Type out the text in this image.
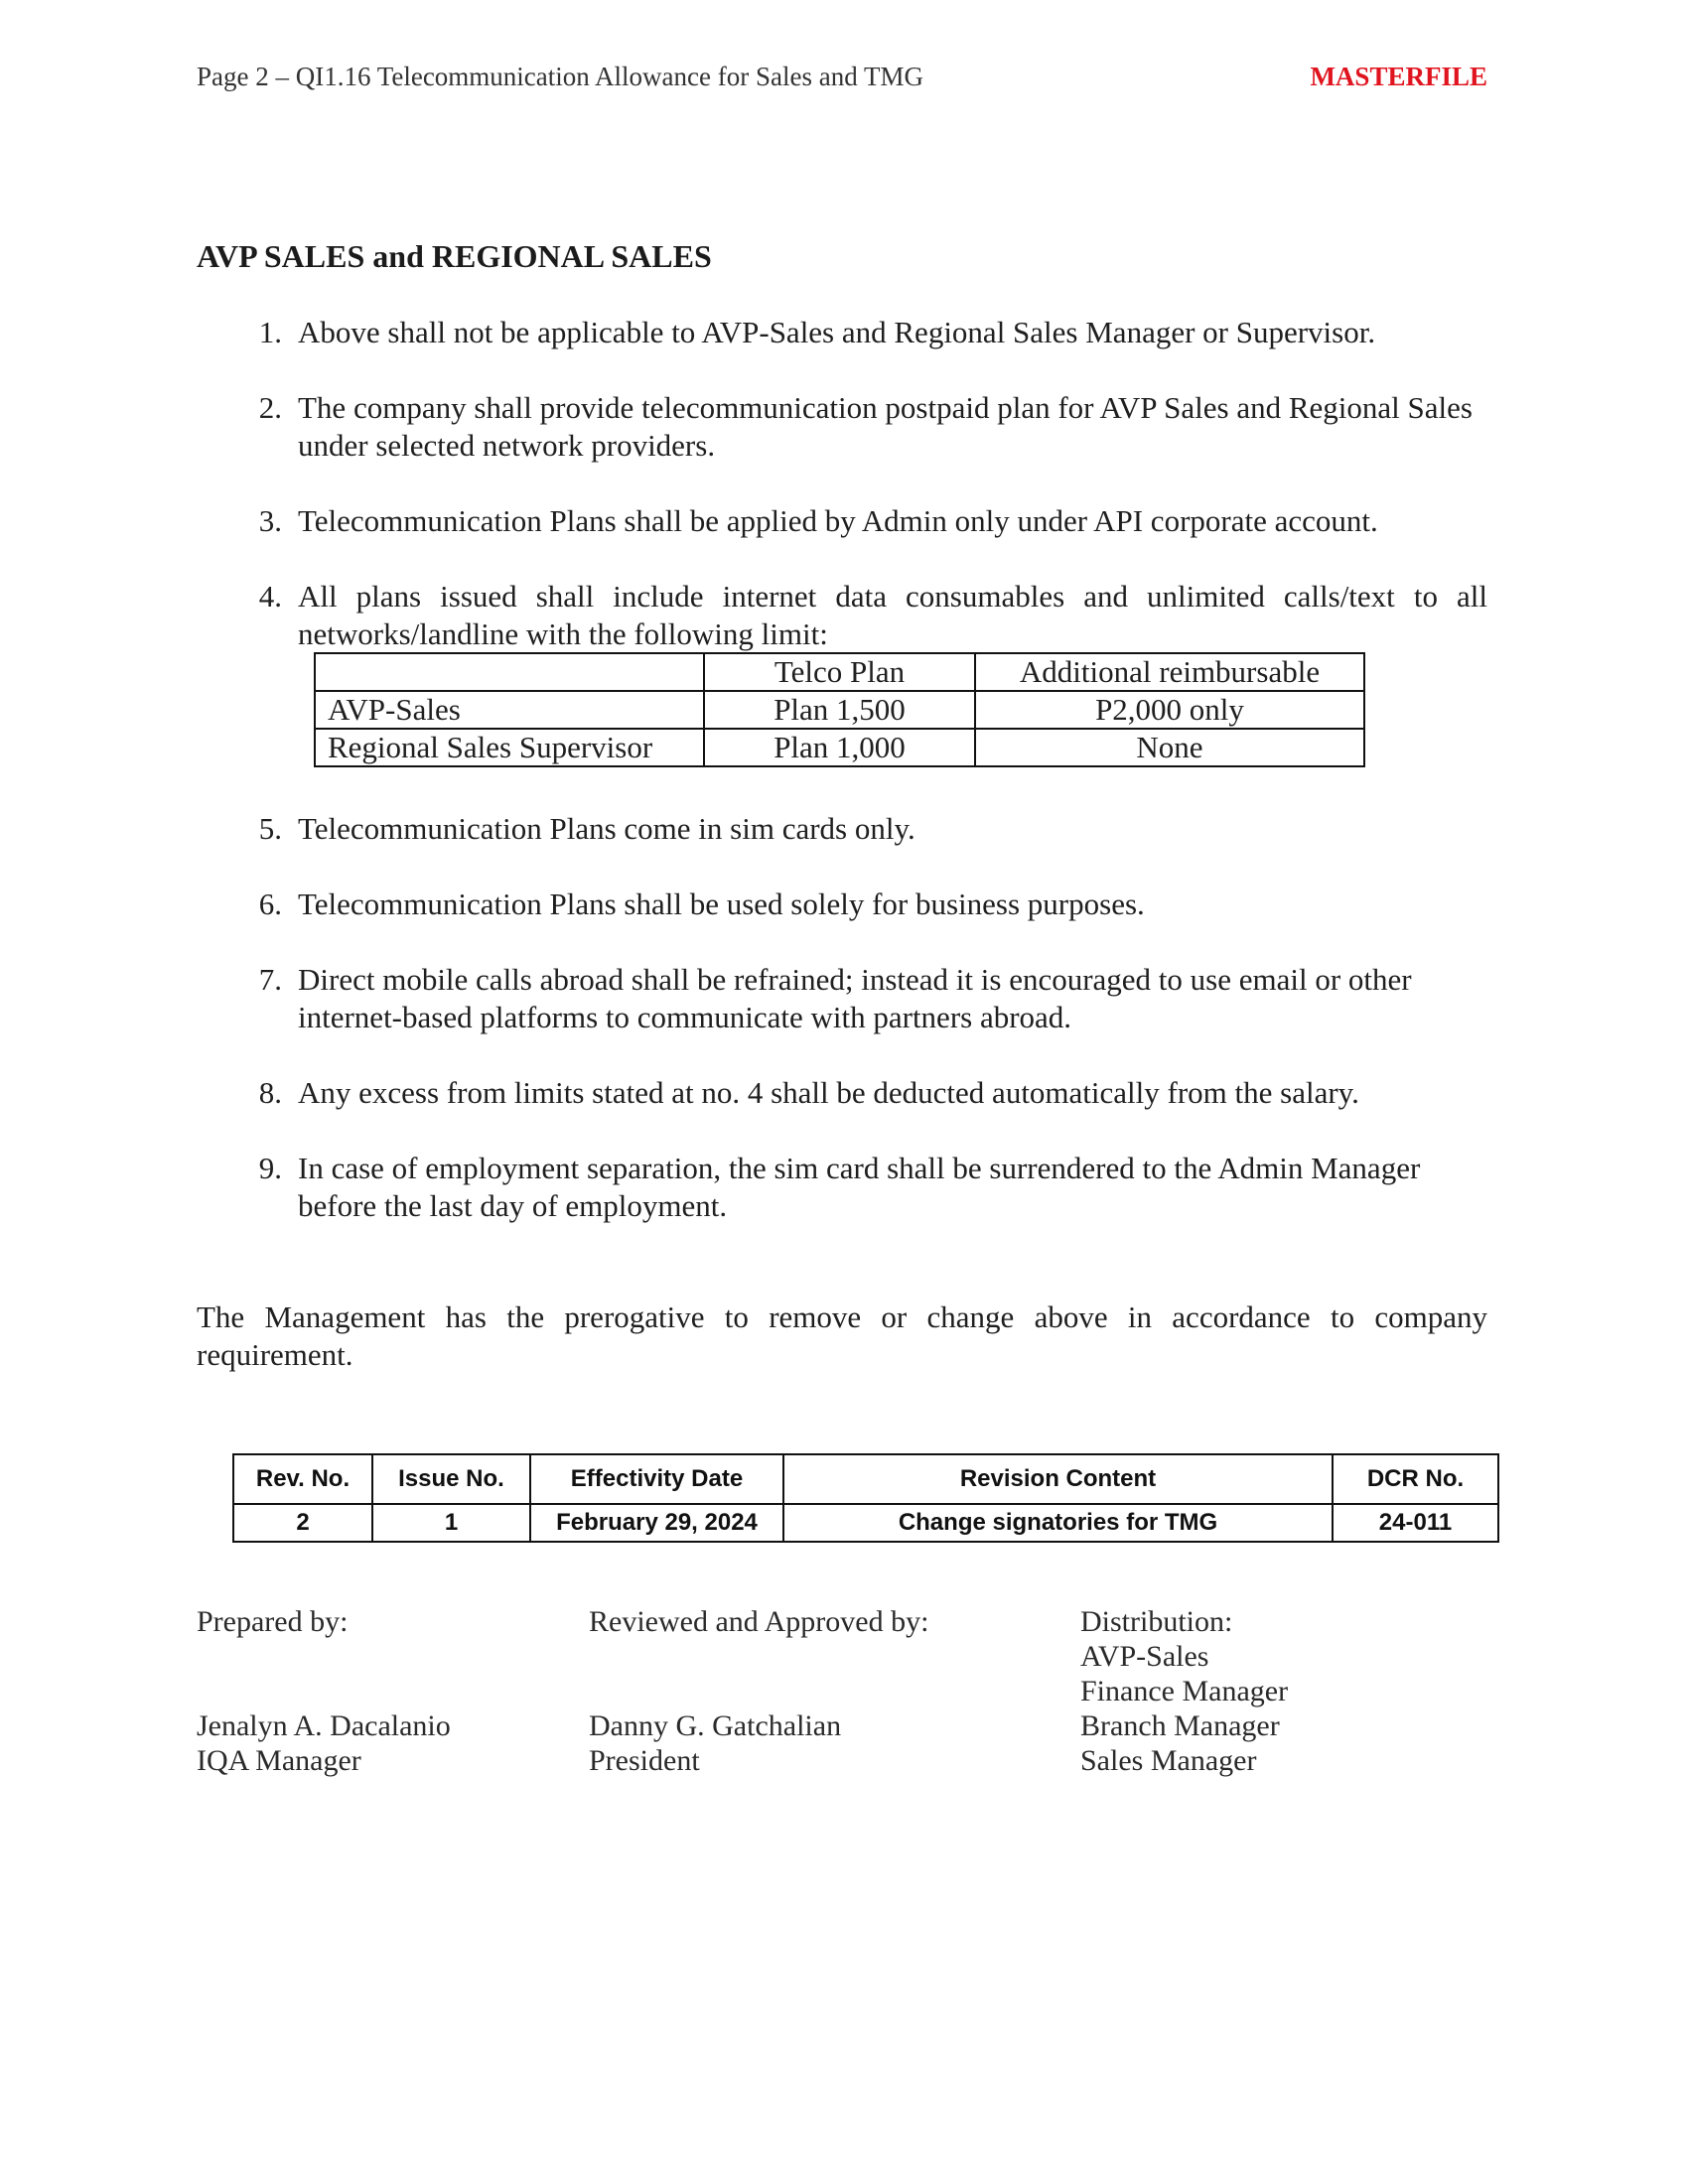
Page 2 – QI1.16 Telecommunication Allowance for Sales and TMG	MASTERFILE
AVP SALES and REGIONAL SALES
1. Above shall not be applicable to AVP-Sales and Regional Sales Manager or Supervisor.
2. The company shall provide telecommunication postpaid plan for AVP Sales and Regional Sales under selected network providers.
3. Telecommunication Plans shall be applied by Admin only under API corporate account.
4. All plans issued shall include internet data consumables and unlimited calls/text to all networks/landline with the following limit:
	Telco Plan	Additional reimbursable
AVP-Sales	Plan 1,500	P2,000 only
Regional Sales Supervisor	Plan 1,000	None
5. Telecommunication Plans come in sim cards only.
6. Telecommunication Plans shall be used solely for business purposes.
7. Direct mobile calls abroad shall be refrained; instead it is encouraged to use email or other internet-based platforms to communicate with partners abroad.
8. Any excess from limits stated at no. 4 shall be deducted automatically from the salary.
9. In case of employment separation, the sim card shall be surrendered to the Admin Manager before the last day of employment.
The Management has the prerogative to remove or change above in accordance to company requirement.
Rev. No.	Issue No.	Effectivity Date	Revision Content	DCR No.
2	1	February 29, 2024	Change signatories for TMG	24-011
Prepared by:
Jenalyn A. Dacalanio
IQA Manager
Reviewed and Approved by:
Danny G. Gatchalian
President
Distribution:
AVP-Sales
Finance Manager
Branch Manager
Sales Manager
